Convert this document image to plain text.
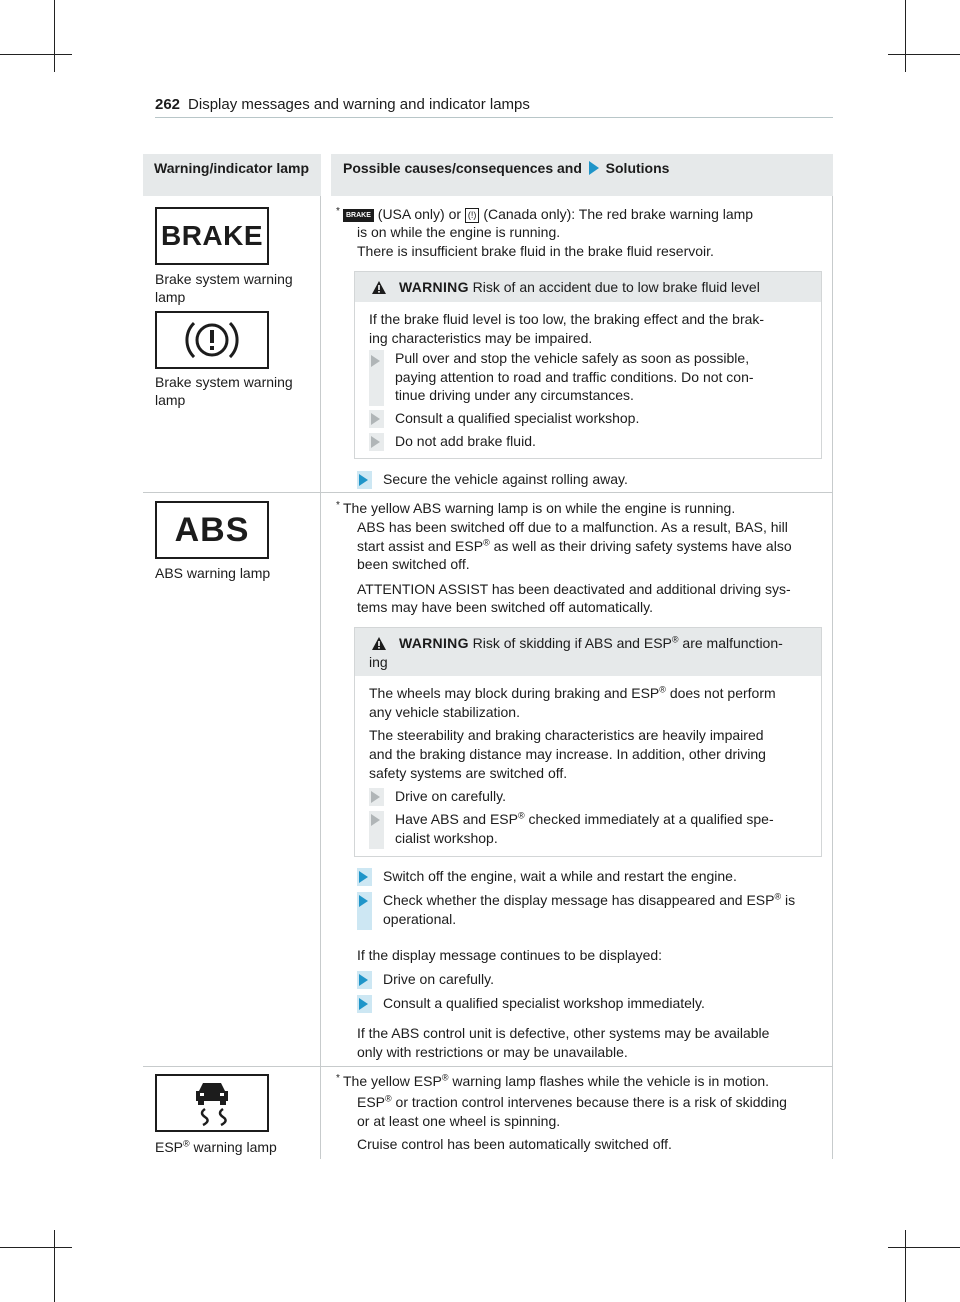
262 Display messages and warning and indicator lamps
Warning/indicator lamp	Possible causes/consequences and Solutions
BRAKE
Brake system warning lamp
Brake system warning lamp
* BRAKE (USA only) or (!) (Canada only): The red brake warning lamp
is on while the engine is running.
There is insufficient brake fluid in the brake fluid reservoir.
WARNING Risk of an accident due to low brake fluid level
If the brake fluid level is too low, the braking effect and the brak-
ing characteristics may be impaired.
Pull over and stop the vehicle safely as soon as possible,
paying attention to road and traffic conditions. Do not con-
tinue driving under any circumstances.
Consult a qualified specialist workshop.
Do not add brake fluid.
Secure the vehicle against rolling away.
ABS
ABS warning lamp
* The yellow ABS warning lamp is on while the engine is running.
ABS has been switched off due to a malfunction. As a result, BAS, hill
start assist and ESP® as well as their driving safety systems have also
been switched off.
ATTENTION ASSIST has been deactivated and additional driving sys-
tems may have been switched off automatically.
WARNING Risk of skidding if ABS and ESP® are malfunction-
ing
The wheels may block during braking and ESP® does not perform
any vehicle stabilization.
The steerability and braking characteristics are heavily impaired
and the braking distance may increase. In addition, other driving
safety systems are switched off.
Drive on carefully.
Have ABS and ESP® checked immediately at a qualified spe-
cialist workshop.
Switch off the engine, wait a while and restart the engine.
Check whether the display message has disappeared and ESP® is
operational.
If the display message continues to be displayed:
Drive on carefully.
Consult a qualified specialist workshop immediately.
If the ABS control unit is defective, other systems may be available
only with restrictions or may be unavailable.
ESP® warning lamp
* The yellow ESP® warning lamp flashes while the vehicle is in motion.
ESP® or traction control intervenes because there is a risk of skidding
or at least one wheel is spinning.
Cruise control has been automatically switched off.
